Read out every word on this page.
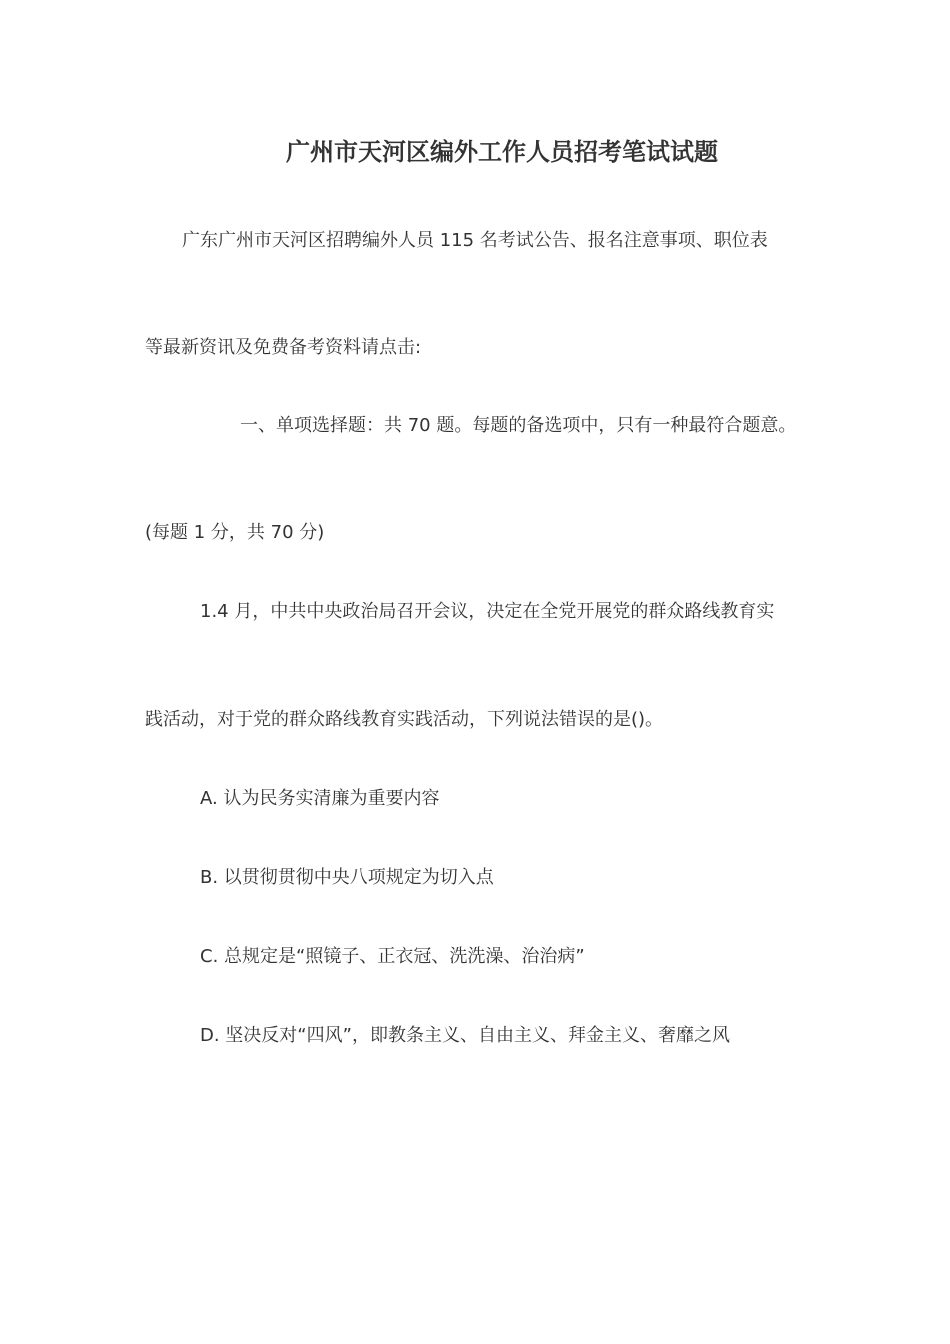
广州市天河区编外工作人员招考笔试试题
广东广州市天河区招聘编外人员 115 名考试公告、报名注意事项、职位表
等最新资讯及免费备考资料请点击:
一、单项选择题：共 70 题。每题的备选项中，只有一种最符合题意。
(每题 1 分，共 70 分)
1.4 月，中共中央政治局召开会议，决定在全党开展党的群众路线教育实
践活动，对于党的群众路线教育实践活动，下列说法错误的是()。
A. 认为民务实清廉为重要内容
B. 以贯彻贯彻中央八项规定为切入点
C. 总规定是“照镜子、正衣冠、洗洗澡、治治病”
D. 坚决反对“四风”，即教条主义、自由主义、拜金主义、奢靡之风
